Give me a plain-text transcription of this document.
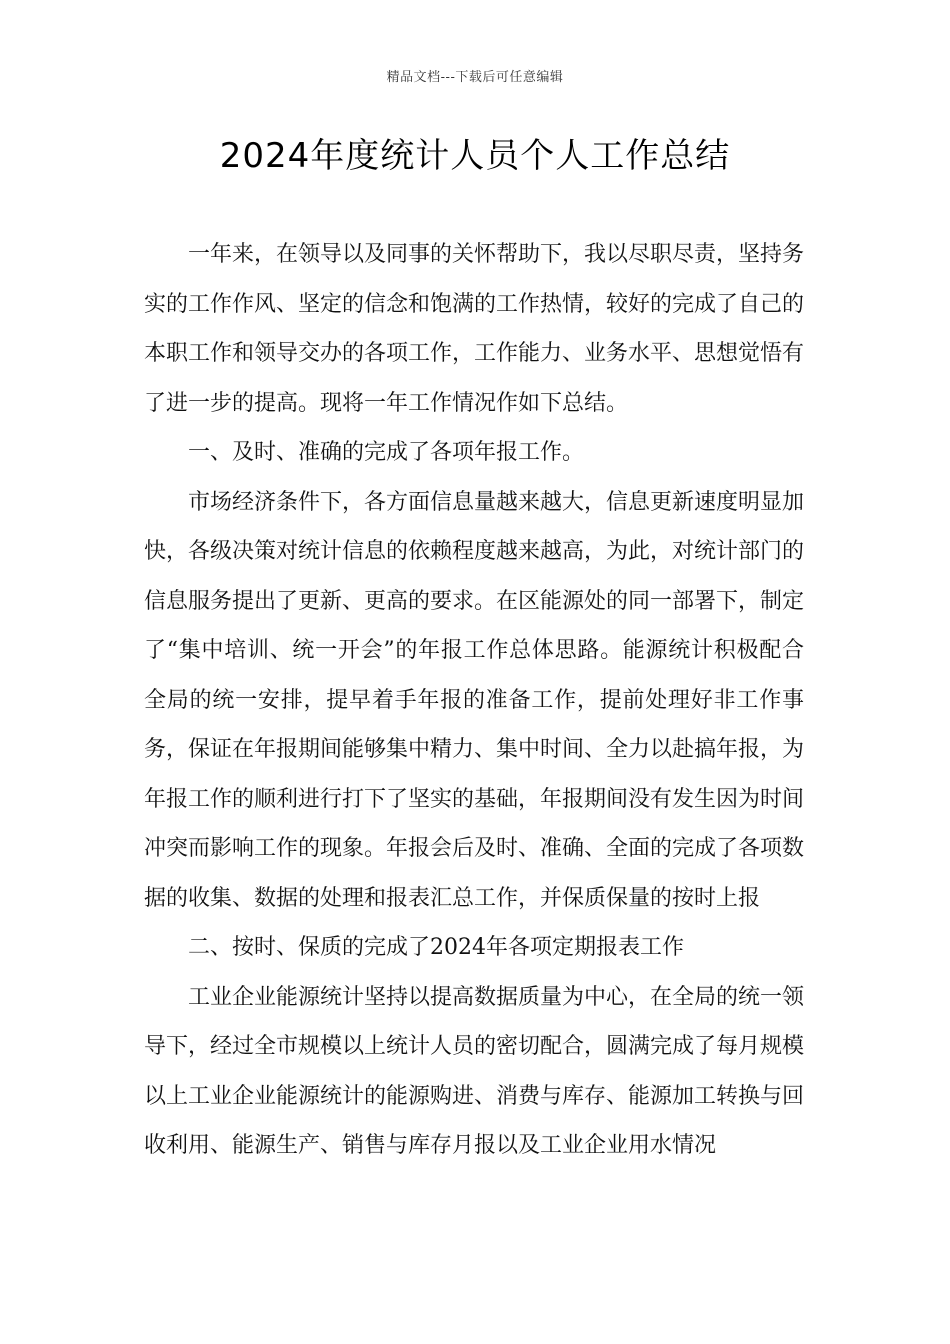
精品文档---下载后可任意编辑
2024年度统计人员个人工作总结

一年来，在领导以及同事的关怀帮助下，我以尽职尽责，坚持务实的工作作风、坚定的信念和饱满的工作热情，较好的完成了自己的本职工作和领导交办的各项工作，工作能力、业务水平、思想觉悟有了进一步的提高。现将一年工作情况作如下总结。

一、及时、准确的完成了各项年报工作。

市场经济条件下，各方面信息量越来越大，信息更新速度明显加快，各级决策对统计信息的依赖程度越来越高，为此，对统计部门的信息服务提出了更新、更高的要求。在区能源处的同一部署下，制定了“集中培训、统一开会”的年报工作总体思路。能源统计积极配合全局的统一安排，提早着手年报的准备工作，提前处理好非工作事务，保证在年报期间能够集中精力、集中时间、全力以赴搞年报，为年报工作的顺利进行打下了坚实的基础，年报期间没有发生因为时间冲突而影响工作的现象。年报会后及时、准确、全面的完成了各项数据的收集、数据的处理和报表汇总工作，并保质保量的按时上报

二、按时、保质的完成了2024年各项定期报表工作

工业企业能源统计坚持以提高数据质量为中心，在全局的统一领导下，经过全市规模以上统计人员的密切配合，圆满完成了每月规模以上工业企业能源统计的能源购进、消费与库存、能源加工转换与回收利用、能源生产、销售与库存月报以及工业企业用水情况
